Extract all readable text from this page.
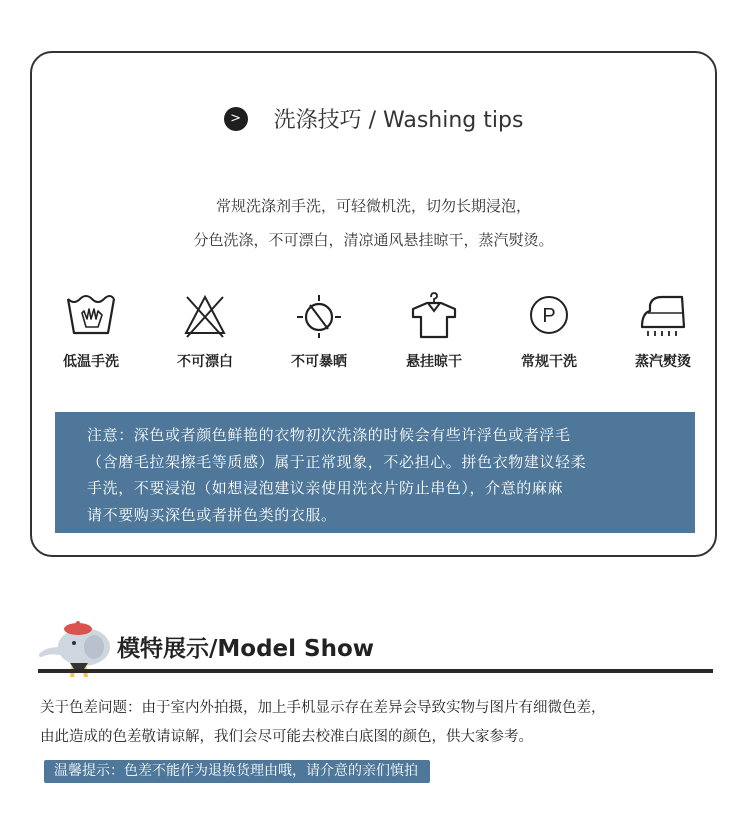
> 洗涤技巧 / Washing tips
常规洗涤剂手洗，可轻微机洗，切勿长期浸泡，
分色洗涤，不可漂白，清凉通风悬挂晾干，蒸汽熨烫。
低温手洗	不可漂白	不可暴晒	悬挂晾干
P
常规干洗	蒸汽熨烫
注意：深色或者颜色鲜艳的衣物初次洗涤的时候会有些许浮色或者浮毛
（含磨毛拉架擦毛等质感）属于正常现象，不必担心。拼色衣物建议轻柔
手洗，不要浸泡（如想浸泡建议亲使用洗衣片防止串色），介意的麻麻
请不要购买深色或者拼色类的衣服。
模特展示/Model Show
关于色差问题：由于室内外拍摄，加上手机显示存在差异会导致实物与图片有细微色差，
由此造成的色差敬请谅解，我们会尽可能去校准白底图的颜色，供大家参考。
温馨提示：色差不能作为退换货理由哦，请介意的亲们慎拍
